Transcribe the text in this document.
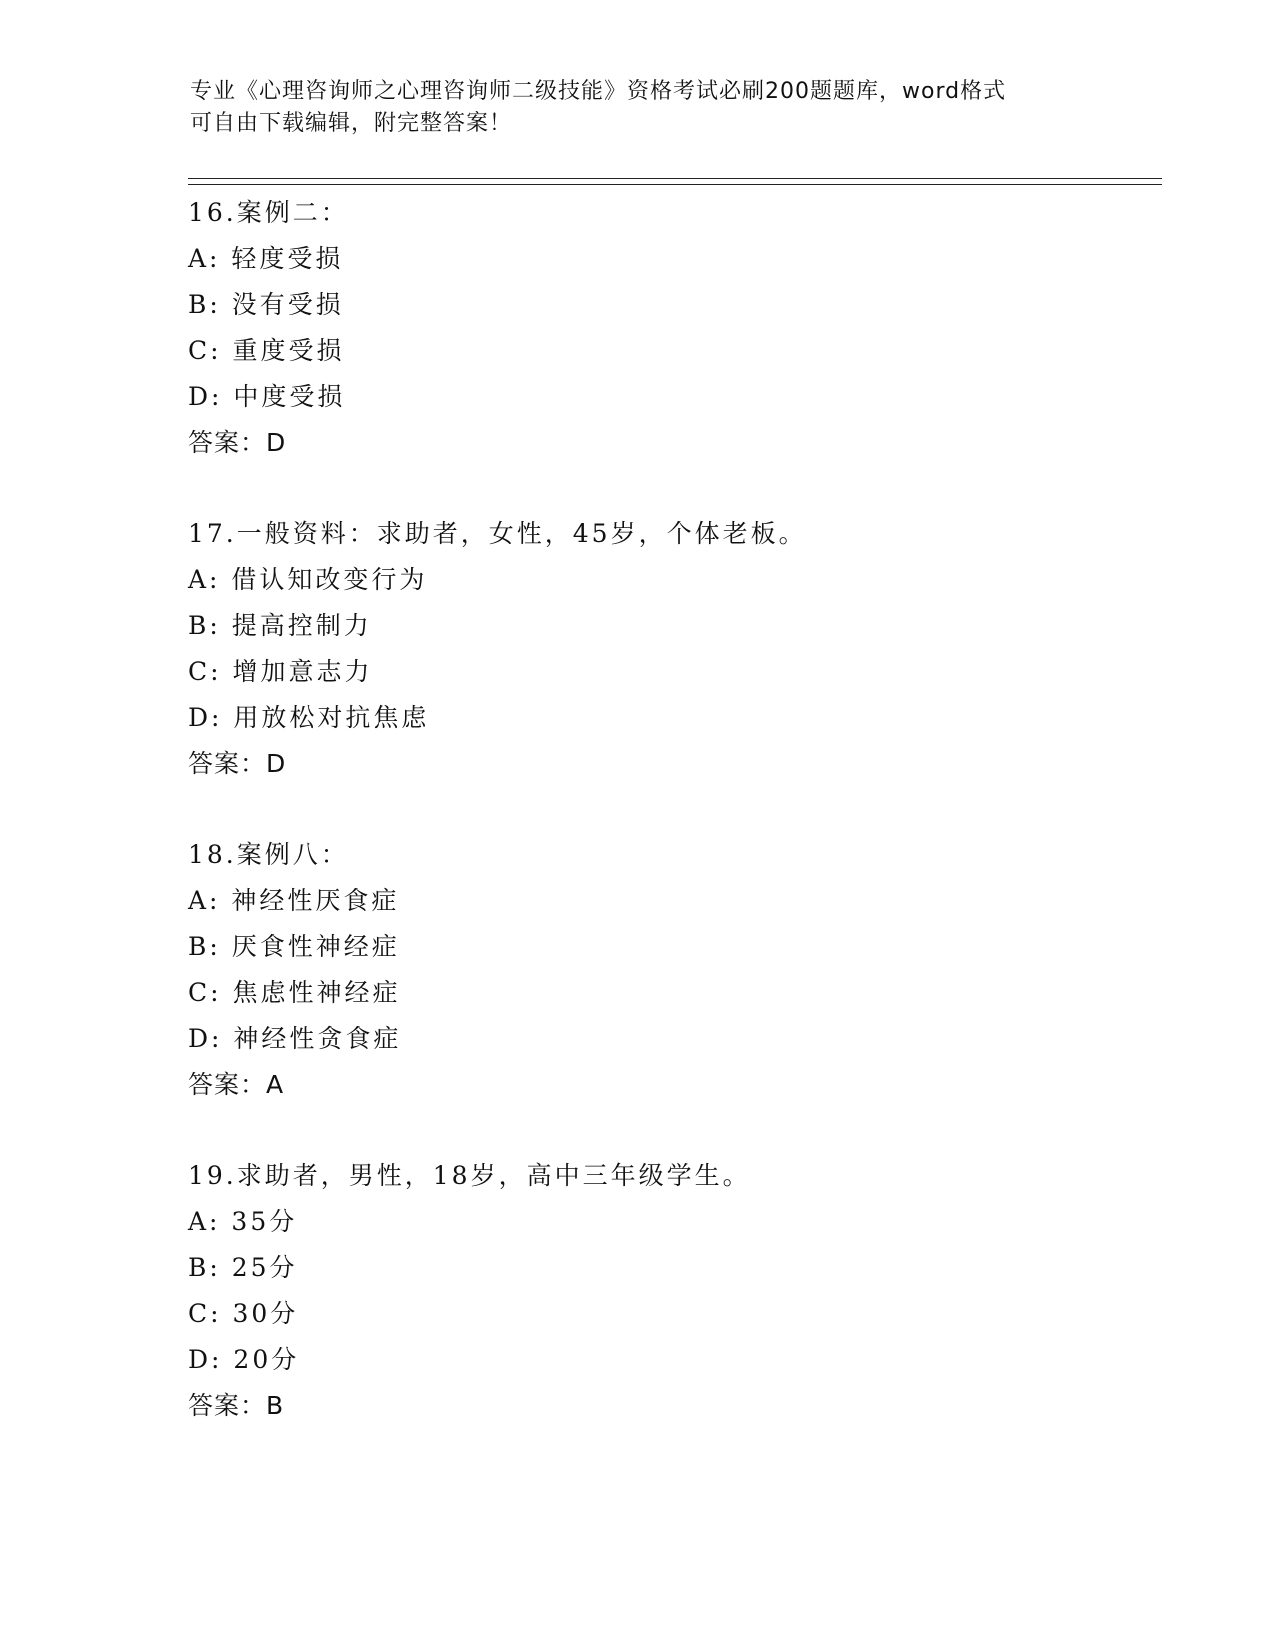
专业《心理咨询师之心理咨询师二级技能》资格考试必刷200题题库，word格式
可自由下载编辑，附完整答案！
16.案例二：
A: 轻度受损
B: 没有受损
C: 重度受损
D: 中度受损
答案：D
17.一般资料：求助者，女性，45岁，个体老板。
A: 借认知改变行为
B: 提高控制力
C: 增加意志力
D: 用放松对抗焦虑
答案：D
18.案例八：
A: 神经性厌食症
B: 厌食性神经症
C: 焦虑性神经症
D: 神经性贪食症
答案：A
19.求助者，男性，18岁，高中三年级学生。
A: 35分
B: 25分
C: 30分
D: 20分
答案：B
